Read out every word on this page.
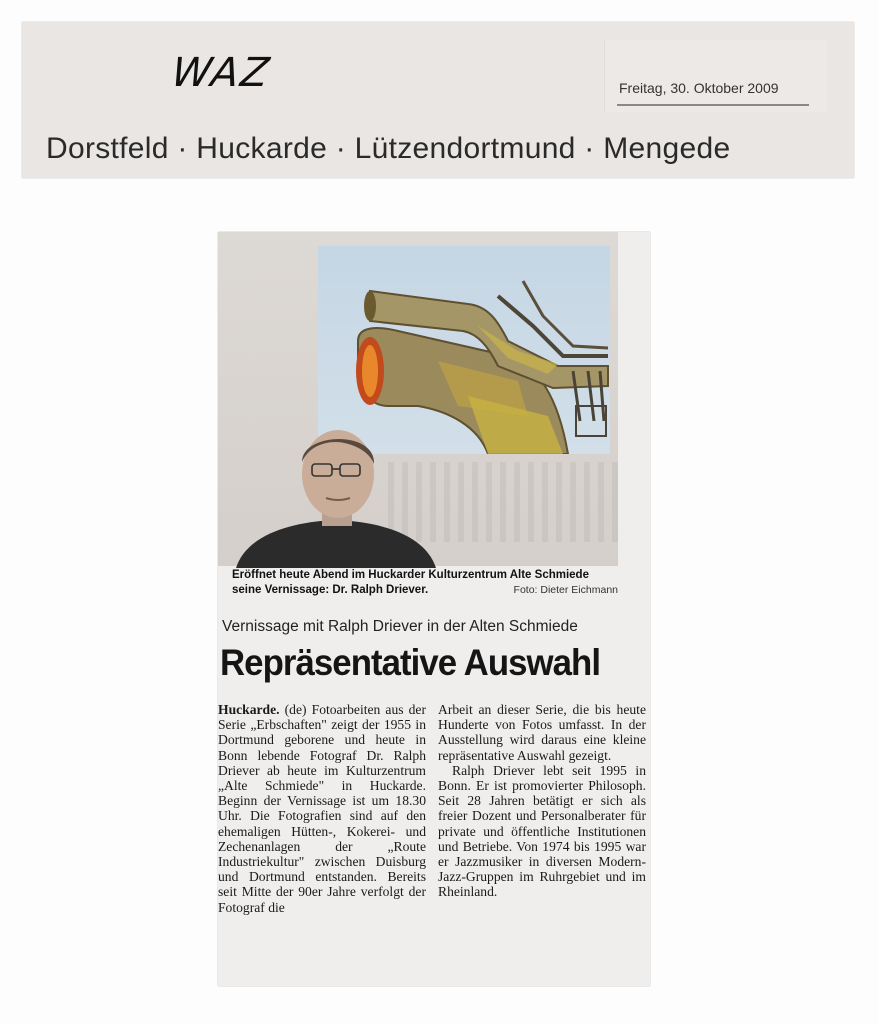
WAZ	Freitag, 30. Oktober 2009
Dorstfeld · Huckarde · Lützendortmund · Mengede
Eröffnet heute Abend im Huckarder Kulturzentrum Alte Schmiede seine Vernissage: Dr. Ralph Driever.	Foto: Dieter Eichmann
Vernissage mit Ralph Driever in der Alten Schmiede
Repräsentative Auswahl

Huckarde. (de) Fotoarbeiten aus der Serie „Erbschaften" zeigt der 1955 in Dortmund geborene und heute in Bonn lebende Fotograf Dr. Ralph Driever ab heute im Kulturzentrum „Alte Schmiede" in Huckarde. Beginn der Vernissage ist um 18.30 Uhr. Die Fotografien sind auf den ehemaligen Hütten-, Kokerei- und Zechenanlagen der „Route Industriekultur" zwischen Duisburg und Dortmund entstanden. Bereits seit Mitte der 90er Jahre verfolgt der Fotograf die

Arbeit an dieser Serie, die bis heute Hunderte von Fotos umfasst. In der Ausstellung wird daraus eine kleine repräsentative Auswahl gezeigt.

Ralph Driever lebt seit 1995 in Bonn. Er ist promovierter Philosoph. Seit 28 Jahren betätigt er sich als freier Dozent und Personalberater für private und öffentliche Institutionen und Betriebe. Von 1974 bis 1995 war er Jazzmusiker in diversen Modern-Jazz-Gruppen im Ruhrgebiet und im Rheinland.
